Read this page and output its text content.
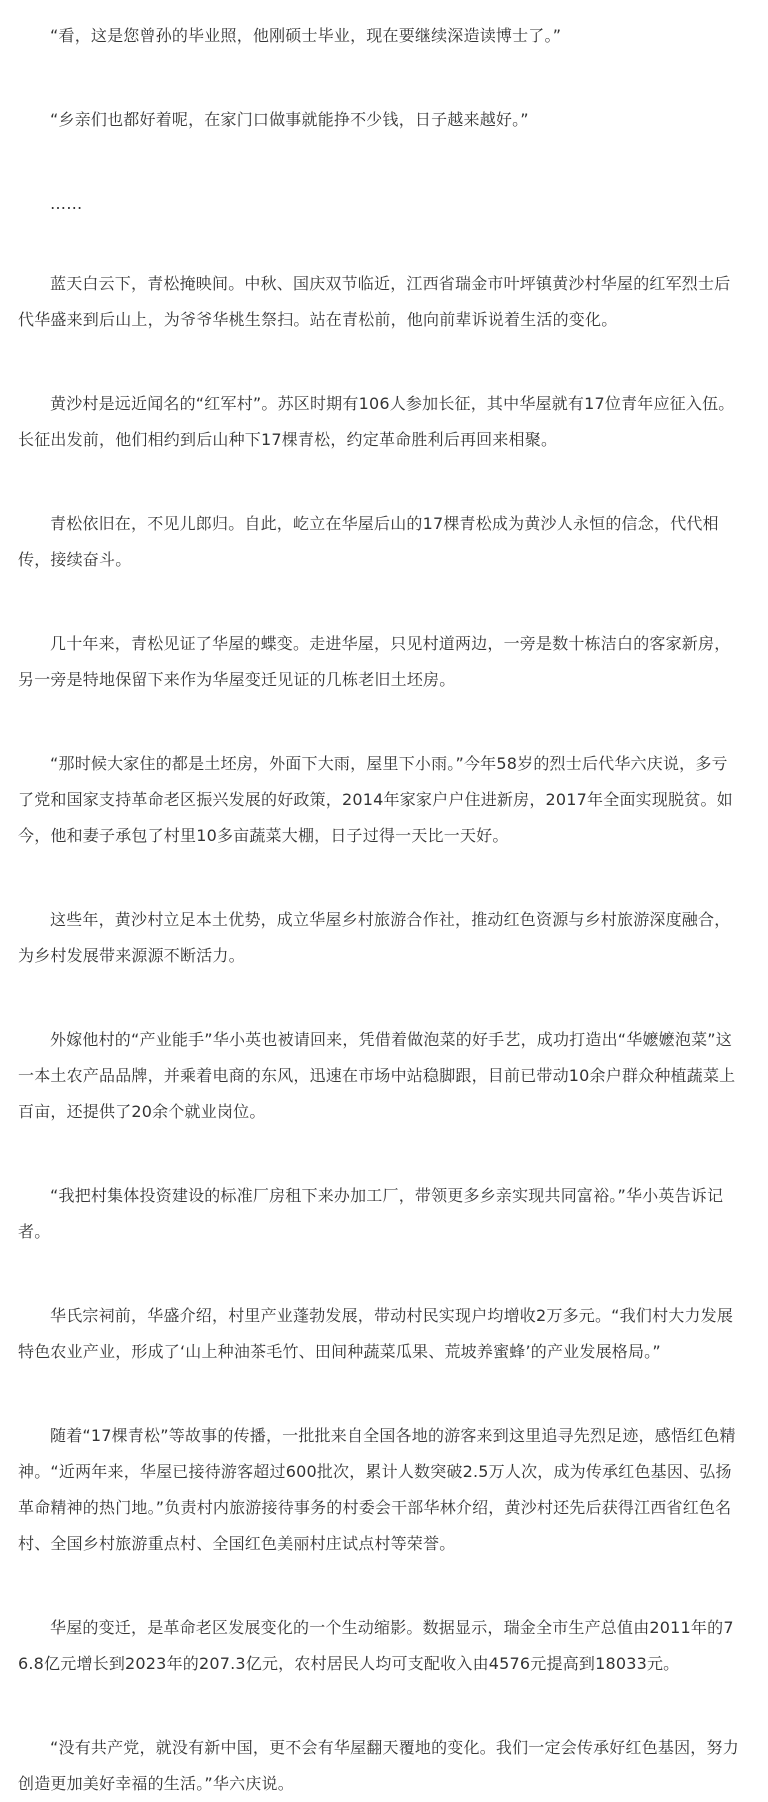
“看，这是您曾孙的毕业照，他刚硕士毕业，现在要继续深造读博士了。”

“乡亲们也都好着呢，在家门口做事就能挣不少钱，日子越来越好。”

……

蓝天白云下，青松掩映间。中秋、国庆双节临近，江西省瑞金市叶坪镇黄沙村华屋的红军烈士后代华盛来到后山上，为爷爷华桃生祭扫。站在青松前，他向前辈诉说着生活的变化。

黄沙村是远近闻名的“红军村”。苏区时期有106人参加长征，其中华屋就有17位青年应征入伍。长征出发前，他们相约到后山种下17棵青松，约定革命胜利后再回来相聚。

青松依旧在，不见儿郎归。自此，屹立在华屋后山的17棵青松成为黄沙人永恒的信念，代代相传，接续奋斗。

几十年来，青松见证了华屋的蝶变。走进华屋，只见村道两边，一旁是数十栋洁白的客家新房，另一旁是特地保留下来作为华屋变迁见证的几栋老旧土坯房。

“那时候大家住的都是土坯房，外面下大雨，屋里下小雨。”今年58岁的烈士后代华六庆说，多亏了党和国家支持革命老区振兴发展的好政策，2014年家家户户住进新房，2017年全面实现脱贫。如今，他和妻子承包了村里10多亩蔬菜大棚，日子过得一天比一天好。

这些年，黄沙村立足本土优势，成立华屋乡村旅游合作社，推动红色资源与乡村旅游深度融合，为乡村发展带来源源不断活力。

外嫁他村的“产业能手”华小英也被请回来，凭借着做泡菜的好手艺，成功打造出“华嬷嬷泡菜”这一本土农产品品牌，并乘着电商的东风，迅速在市场中站稳脚跟，目前已带动10余户群众种植蔬菜上百亩，还提供了20余个就业岗位。

“我把村集体投资建设的标准厂房租下来办加工厂，带领更多乡亲实现共同富裕。”华小英告诉记者。

华氏宗祠前，华盛介绍，村里产业蓬勃发展，带动村民实现户均增收2万多元。“我们村大力发展特色农业产业，形成了‘山上种油茶毛竹、田间种蔬菜瓜果、荒坡养蜜蜂’的产业发展格局。”

随着“17棵青松”等故事的传播，一批批来自全国各地的游客来到这里追寻先烈足迹，感悟红色精神。“近两年来，华屋已接待游客超过600批次，累计人数突破2.5万人次，成为传承红色基因、弘扬革命精神的热门地。”负责村内旅游接待事务的村委会干部华林介绍，黄沙村还先后获得江西省红色名村、全国乡村旅游重点村、全国红色美丽村庄试点村等荣誉。

华屋的变迁，是革命老区发展变化的一个生动缩影。数据显示，瑞金全市生产总值由2011年的76.8亿元增长到2023年的207.3亿元，农村居民人均可支配收入由4576元提高到18033元。

“没有共产党，就没有新中国，更不会有华屋翻天覆地的变化。我们一定会传承好红色基因，努力创造更加美好幸福的生活。”华六庆说。
